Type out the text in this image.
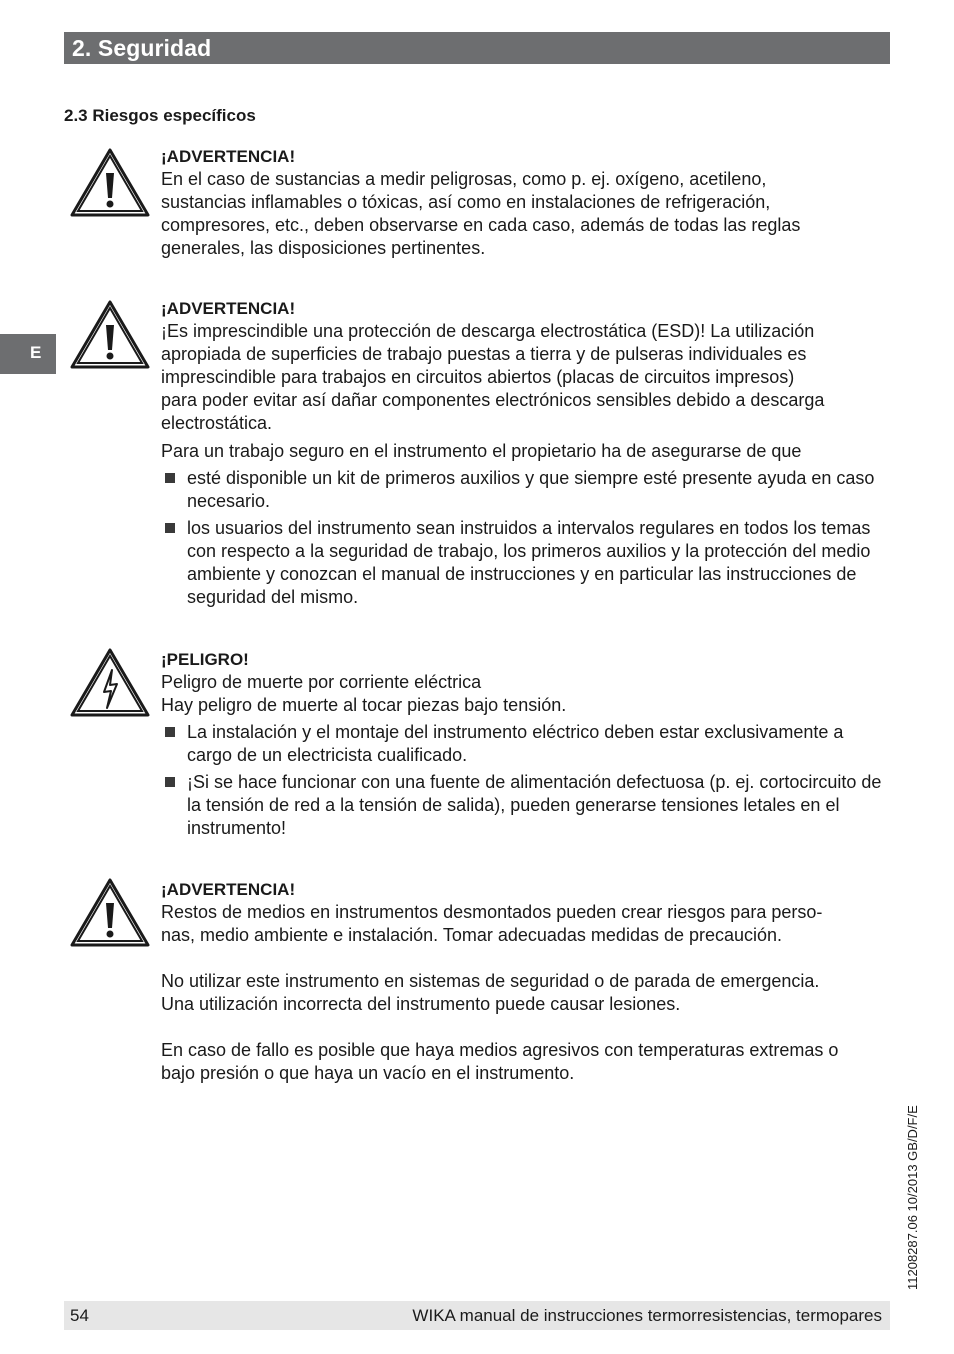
2. Seguridad
E
2.3 Riesgos específicos
¡ADVERTENCIA!

En el caso de sustancias a medir peligrosas, como p. ej. oxígeno, acetileno,

sustancias inflamables o tóxicas, así como en instalaciones de refrigeración,

compresores, etc., deben observarse en cada caso, además de todas las reglas

generales, las disposiciones pertinentes.

¡ADVERTENCIA!

¡Es imprescindible una protección de descarga electrostática (ESD)! La utilización

apropiada de superficies de trabajo puestas a tierra y de pulseras individuales es

imprescindible para trabajos en circuitos abiertos (placas de circuitos impresos)

para poder evitar así dañar componentes electrónicos sensibles debido a descarga

electrostática.

Para un trabajo seguro en el instrumento el propietario ha de asegurarse de que

esté disponible un kit de primeros auxilios y que siempre esté presente ayuda en caso necesario.
los usuarios del instrumento sean instruidos a intervalos regulares en todos los temas con respecto a la seguridad de trabajo, los primeros auxilios y la protección del medio ambiente y conozcan el manual de instrucciones y en particular las instrucciones de seguridad del mismo.
¡PELIGRO!

Peligro de muerte por corriente eléctrica

Hay peligro de muerte al tocar piezas bajo tensión.

La instalación y el montaje del instrumento eléctrico deben estar exclusivamente a cargo de un electricista cualificado.
¡Si se hace funcionar con una fuente de alimentación defectuosa (p. ej. cortocircuito de la tensión de red a la tensión de salida), pueden generarse tensiones letales en el instrumento!
¡ADVERTENCIA!

Restos de medios en instrumentos desmontados pueden crear riesgos para perso-

nas, medio ambiente e instalación. Tomar adecuadas medidas de precaución.

No utilizar este instrumento en sistemas de seguridad o de parada de emergencia.

Una utilización incorrecta del instrumento puede causar lesiones.

En caso de fallo es posible que haya medios agresivos con temperaturas extremas o

bajo presión o que haya un vacío en el instrumento.

11208287.06 10/2013 GB/D/F/E
54	WIKA manual de instrucciones termorresistencias, termopares
